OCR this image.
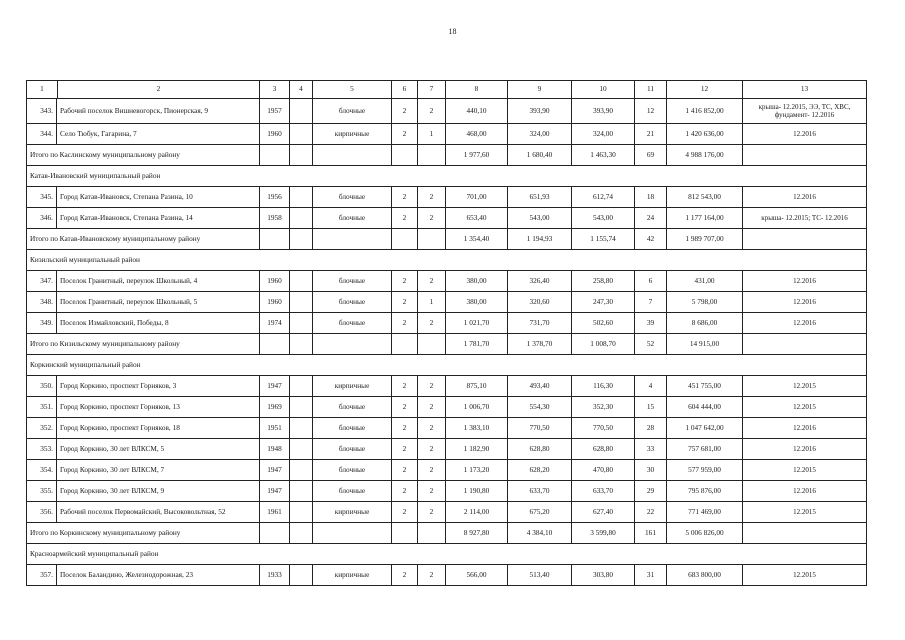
18
1 2	3	4	5	6	7	8	9	10	11	12	13

343. Рабочий поселок Вишневогорск, Пионерская, 9	1957		блочные	2	2	440,10	393,90	393,90	12	1 416 852,00	крыша- 12.2015, ЭЭ, ТС, ХВС, фундамент- 12.2016

344. Село Тюбук, Гагарина, 7	1960		кирпичные	2	1	468,00	324,00	324,00	21	1 420 636,00	12.2016
Итого по Каслинскому муниципальному району						1 977,60	1 680,40	1 463,30	69	4 988 176,00	
Катав-Ивановский муниципальный район											

345. Город Катав-Ивановск, Степана Разина, 10	1956		блочные	2	2	701,00	651,93	612,74	18	812 543,00	12.2016

346. Город Катав-Ивановск, Степана Разина, 14	1958		блочные	2	2	653,40	543,00	543,00	24	1 177 164,00	крыша- 12.2015; ТС- 12.2016
Итого по Катав-Ивановскому муниципальному району						1 354,40	1 194,93	1 155,74	42	1 989 707,00	
Кизильский муниципальный район											

347. Поселок Гранитный, переулок Школьный, 4	1960		блочные	2	2	380,00	326,40	258,80	6	431,00	12.2016

348. Поселок Гранитный, переулок Школьный, 5	1960		блочные	2	1	380,00	320,60	247,30	7	5 798,00	12.2016

349. Поселок Измайловский, Победы, 8	1974		блочные	2	2	1 021,70	731,70	502,60	39	8 686,00	12.2016
Итого по Кизильскому муниципальному району						1 781,70	1 378,70	1 008,70	52	14 915,00	
Коркинский муниципальный район											

350. Город Коркино, проспект Горняков, 3	1947		кирпичные	2	2	875,10	493,40	116,30	4	451 755,00	12.2015

351. Город Коркино, проспект Горняков, 13	1969		блочные	2	2	1 006,70	554,30	352,30	15	604 444,00	12.2015

352. Город Коркино, проспект Горняков, 18	1951		блочные	2	2	1 383,10	770,50	770,50	28	1 047 642,00	12.2016

353. Город Коркино, 30 лет ВЛКСМ, 5	1948		блочные	2	2	1 182,90	628,80	628,80	33	757 681,00	12.2016

354. Город Коркино, 30 лет ВЛКСМ, 7	1947		блочные	2	2	1 173,20	628,20	470,80	30	577 959,00	12.2015

355. Город Коркино, 30 лет ВЛКСМ, 9	1947		блочные	2	2	1 190,80	633,70	633,70	29	795 876,00	12.2016

356. Рабочий поселок Первомайский, Высоковольтная, 52	1961		кирпичные	2	2	2 114,00	675,20	627,40	22	771 469,00	12.2015
Итого по Коркинскому муниципальному району						8 927,80	4 384,10	3 599,80	161	5 006 826,00	
Красноармейский муниципальный район											

357. Поселок Баландино, Железнодорожная, 23	1933		кирпичные	2	2	566,00	513,40	303,80	31	683 800,00	12.2015
